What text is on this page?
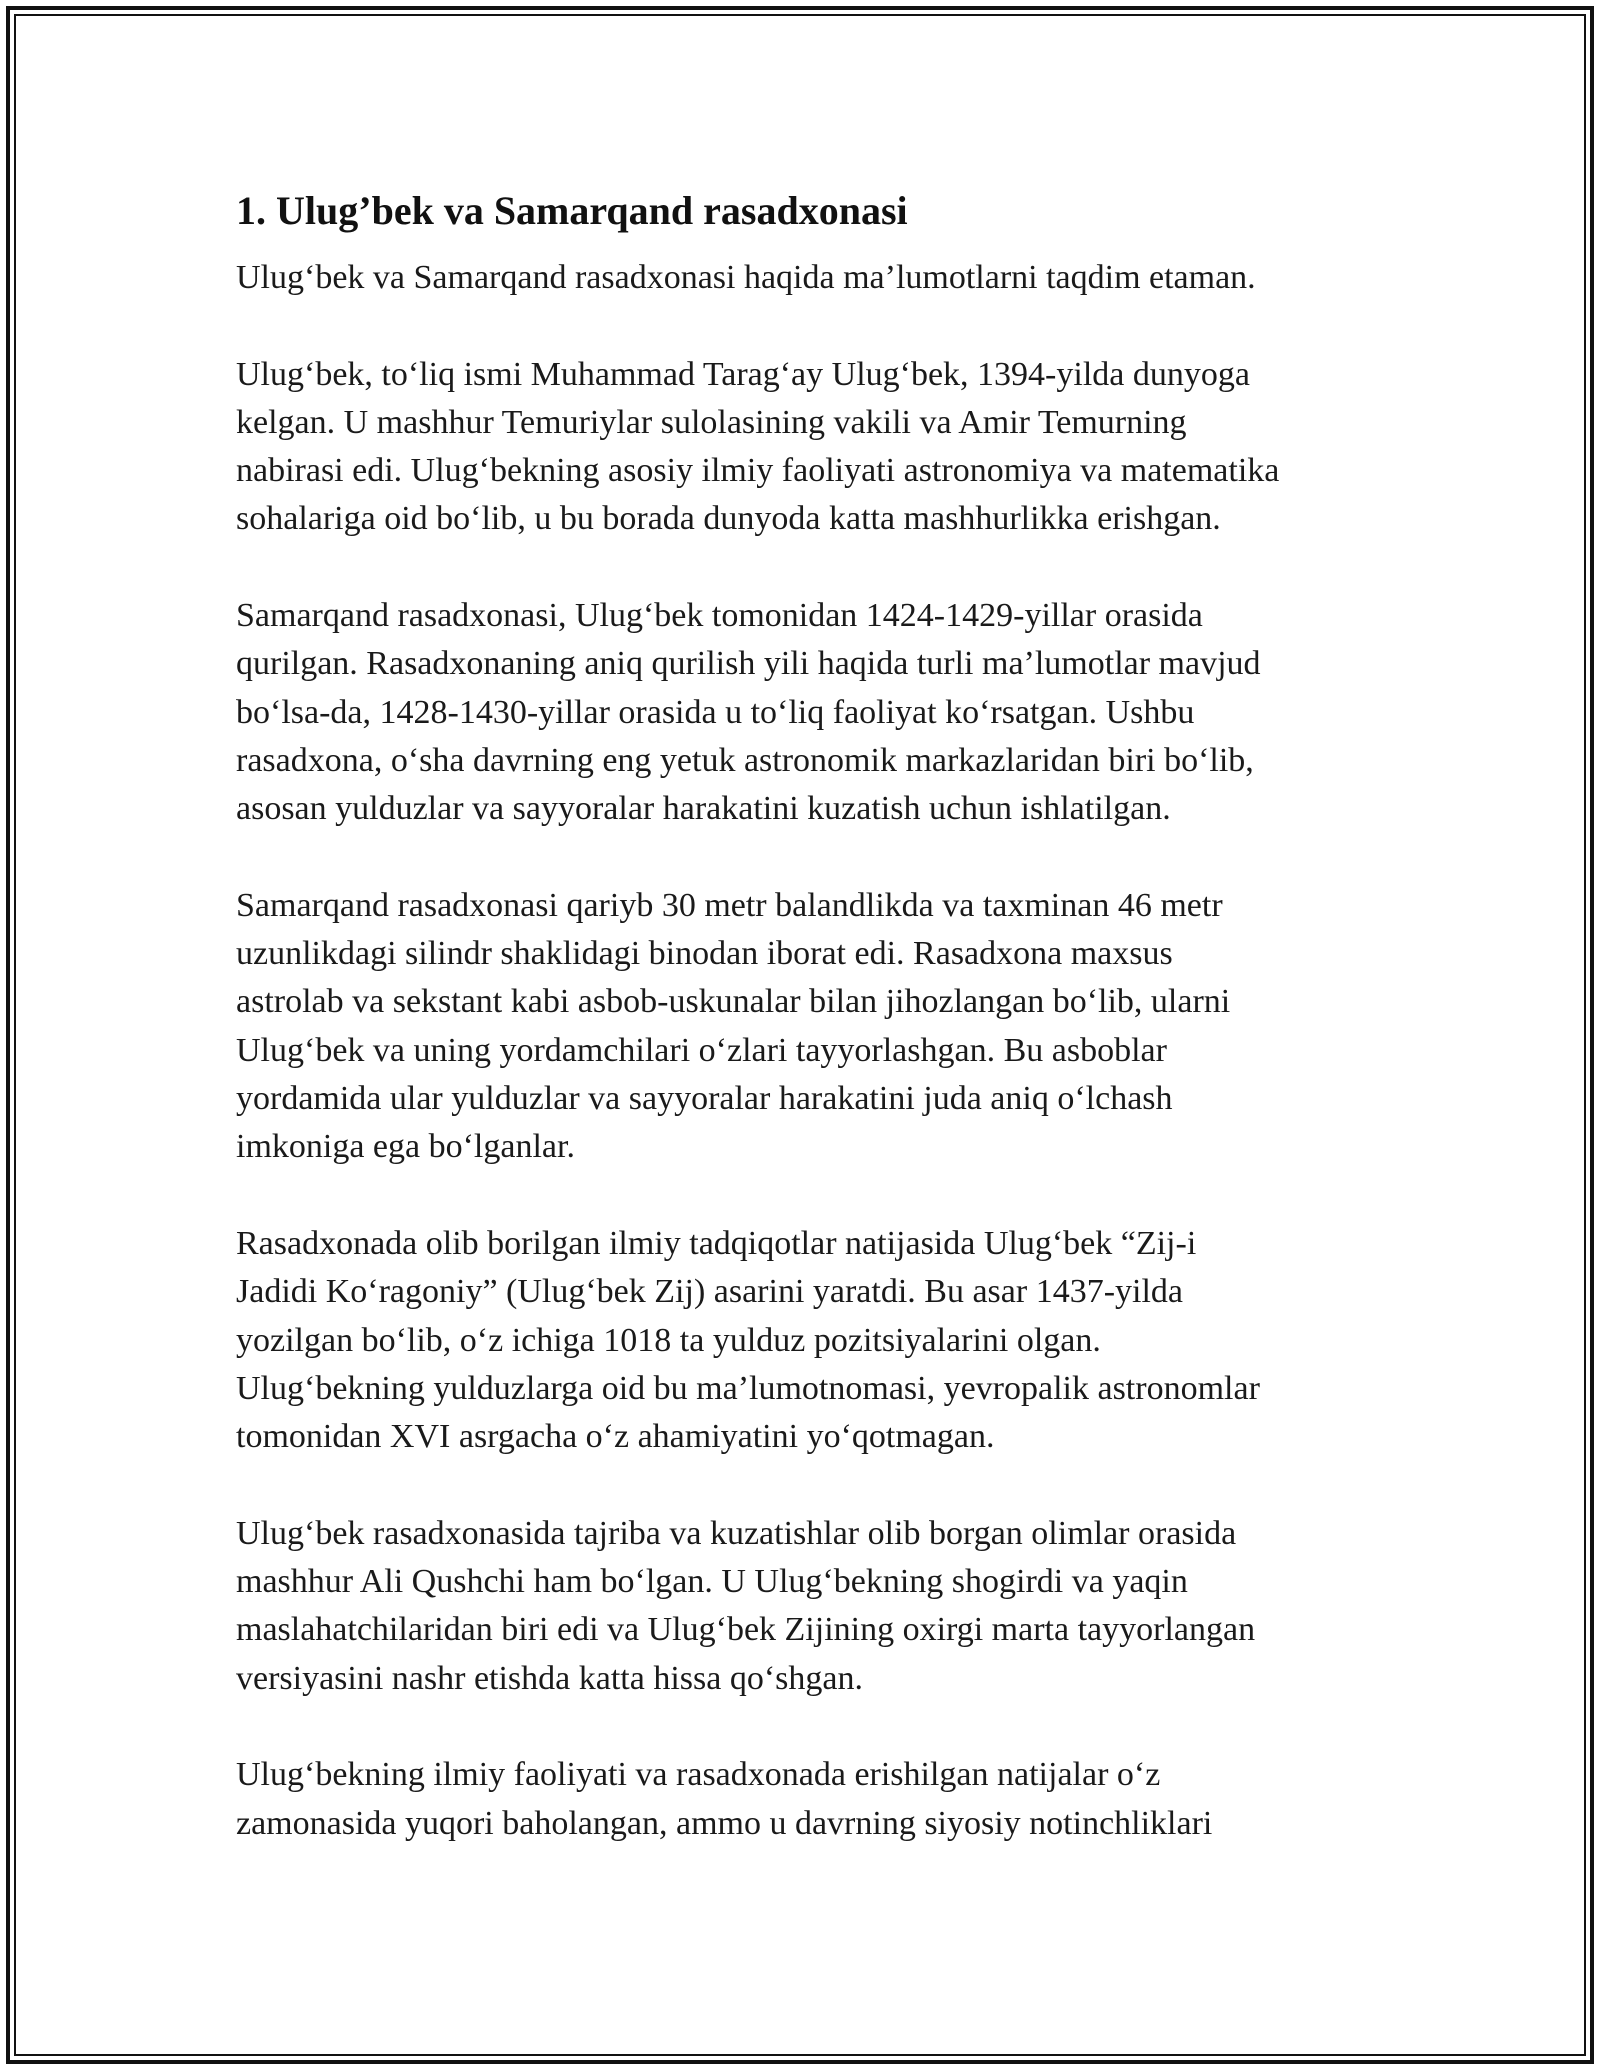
1. Ulug’bek va Samarqand rasadxonasi

Ulug‘bek va Samarqand rasadxonasi haqida ma’lumotlarni taqdim etaman.

Ulug‘bek, to‘liq ismi Muhammad Tarag‘ay Ulug‘bek, 1394-yilda dunyoga
kelgan. U mashhur Temuriylar sulolasining vakili va Amir Temurning
nabirasi edi. Ulug‘bekning asosiy ilmiy faoliyati astronomiya va matematika
sohalariga oid bo‘lib, u bu borada dunyoda katta mashhurlikka erishgan.

Samarqand rasadxonasi, Ulug‘bek tomonidan 1424-1429-yillar orasida
qurilgan. Rasadxonaning aniq qurilish yili haqida turli ma’lumotlar mavjud
bo‘lsa-da, 1428-1430-yillar orasida u to‘liq faoliyat ko‘rsatgan. Ushbu
rasadxona, o‘sha davrning eng yetuk astronomik markazlaridan biri bo‘lib,
asosan yulduzlar va sayyoralar harakatini kuzatish uchun ishlatilgan.

Samarqand rasadxonasi qariyb 30 metr balandlikda va taxminan 46 metr
uzunlikdagi silindr shaklidagi binodan iborat edi. Rasadxona maxsus
astrolab va sekstant kabi asbob-uskunalar bilan jihozlangan bo‘lib, ularni
Ulug‘bek va uning yordamchilari o‘zlari tayyorlashgan. Bu asboblar
yordamida ular yulduzlar va sayyoralar harakatini juda aniq o‘lchash
imkoniga ega bo‘lganlar.

Rasadxonada olib borilgan ilmiy tadqiqotlar natijasida Ulug‘bek “Zij-i
Jadidi Ko‘ragoniy” (Ulug‘bek Zij) asarini yaratdi. Bu asar 1437-yilda
yozilgan bo‘lib, o‘z ichiga 1018 ta yulduz pozitsiyalarini olgan.
Ulug‘bekning yulduzlarga oid bu ma’lumotnomasi, yevropalik astronomlar
tomonidan XVI asrgacha o‘z ahamiyatini yo‘qotmagan.

Ulug‘bek rasadxonasida tajriba va kuzatishlar olib borgan olimlar orasida
mashhur Ali Qushchi ham bo‘lgan. U Ulug‘bekning shogirdi va yaqin
maslahatchilaridan biri edi va Ulug‘bek Zijining oxirgi marta tayyorlangan
versiyasini nashr etishda katta hissa qo‘shgan.

Ulug‘bekning ilmiy faoliyati va rasadxonada erishilgan natijalar o‘z
zamonasida yuqori baholangan, ammo u davrning siyosiy notinchliklari
